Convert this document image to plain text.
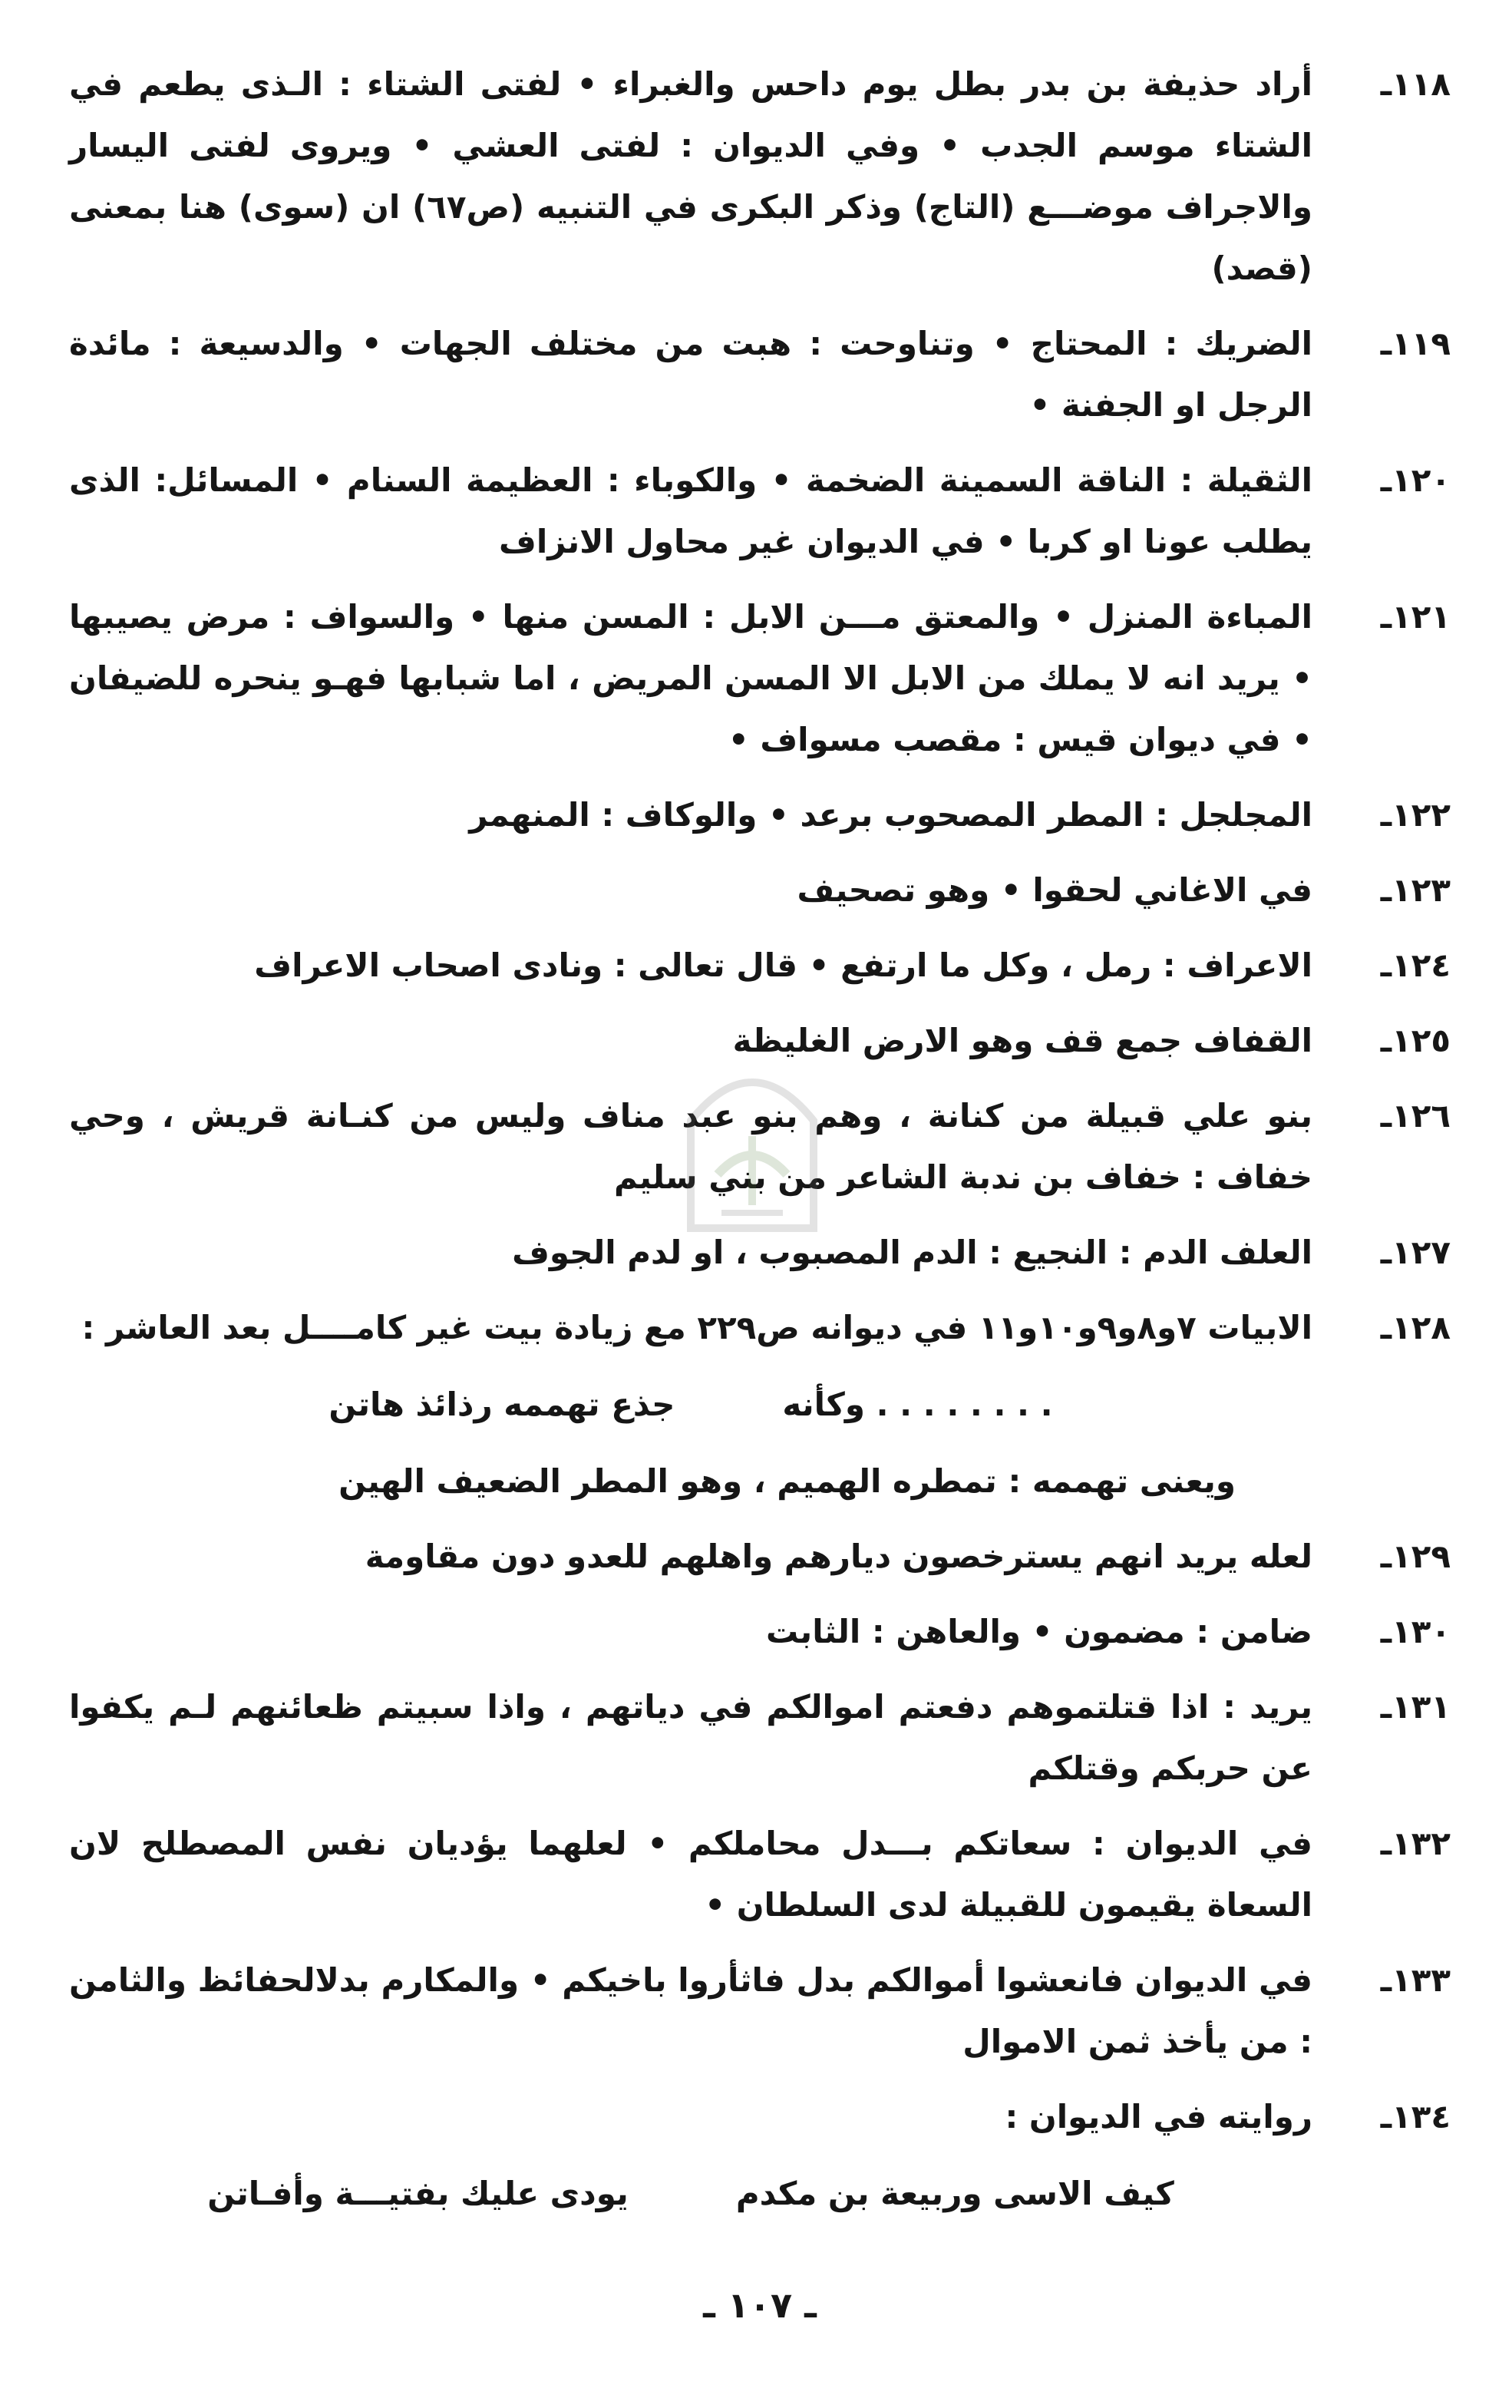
١١٨ـ
أراد حذيفة بن بدر بطل يوم داحس والغبراء • لفتى الشتاء : الـذى يطعم في الشتاء موسم الجدب • وفي الديوان : لفتى العشي • ويروى لفتى اليسار والاجراف موضـــع (التاج) وذكر البكرى في التنبيه (ص٦٧) ان (سوى) هنا بمعنى (قصد)
١١٩ـ
الضريك : المحتاج • وتناوحت : هبت من مختلف الجهات • والدسيعة : مائدة الرجل او الجفنة •
١٢٠ـ
الثقيلة : الناقة السمينة الضخمة • والكوباء : العظيمة السنام • المسائل: الذى يطلب عونا او كربا • في الديوان غير محاول الانزاف
١٢١ـ
المباءة المنزل • والمعتق مـــن الابل : المسن منها • والسواف : مرض يصيبها • يريد انه لا يملك من الابل الا المسن المريض ، اما شبابها فهـو ينحره للضيفان • في ديوان قيس : مقصب مسواف •
١٢٢ـ
المجلجل : المطر المصحوب برعد • والوكاف : المنهمر
١٢٣ـ
في الاغاني لحقوا • وهو تصحيف
١٢٤ـ
الاعراف : رمل ، وكل ما ارتفع • قال تعالى : ونادى اصحاب الاعراف
١٢٥ـ
القفاف جمع قف وهو الارض الغليظة
١٢٦ـ
بنو علي قبيلة من كنانة ، وهم بنو عبد مناف وليس من كنـانة قريش ، وحي خفاف : خفاف بن ندبة الشاعر من بني سليم
١٢٧ـ
العلف الدم : النجيع : الدم المصبوب ، او لدم الجوف
١٢٨ـ
الابيات ٧و٨و٩و١٠و١١ في ديوانه ص٢٢٩ مع زيادة بيت غير كامــــل بعد العاشر :
. . . . . . . . وكأنه
جذع تهممه رذائذ هاتن
ويعنى تهممه : تمطره الهميم ، وهو المطر الضعيف الهين
١٢٩ـ
لعله يريد انهم يسترخصون ديارهم واهلهم للعدو دون مقاومة
١٣٠ـ
ضامن : مضمون • والعاهن : الثابت
١٣١ـ
يريد : اذا قتلتموهم دفعتم اموالكم في دياتهم ، واذا سبيتم ظعائنهم لـم يكفوا عن حربكم وقتلكم
١٣٢ـ
في الديوان : سعاتكم بـــدل محاملكم • لعلهما يؤديان نفس المصطلح لان السعاة يقيمون للقبيلة لدى السلطان •
١٣٣ـ
في الديوان فانعشوا أموالكم بدل فاثأروا باخيكم • والمكارم بدلالحفائظ والثامن : من يأخذ ثمن الاموال
١٣٤ـ
روايته في الديوان :
كيف الاسى وربيعة بن مكدم
يودى عليك بفتيـــة وأفـاتن
ـ ١٠٧ ـ
